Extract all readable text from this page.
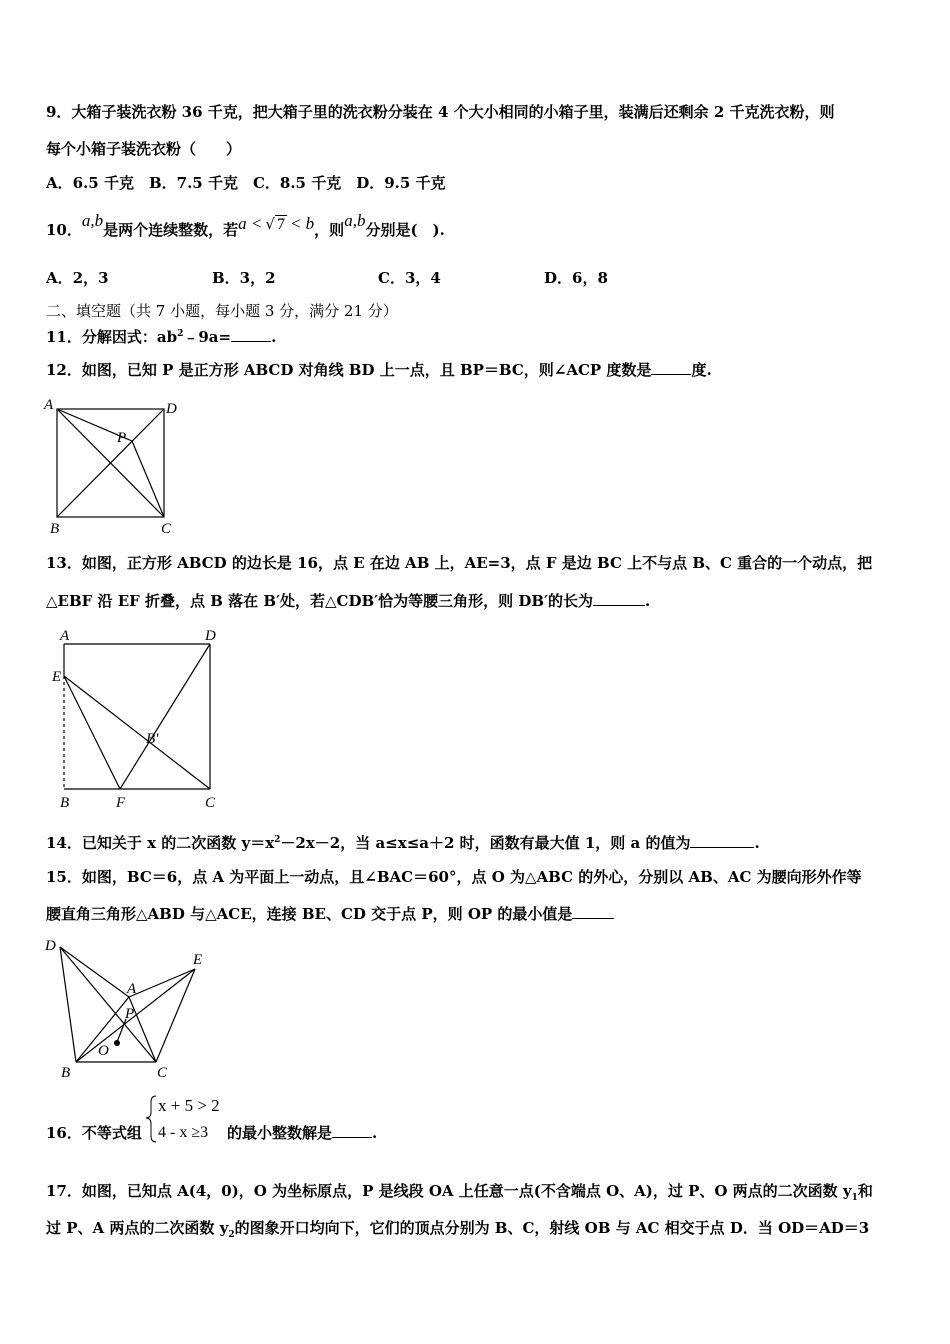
9．大箱子装洗衣粉 36 千克，把大箱子里的洗衣粉分装在 4 个大小相同的小箱子里，装满后还剩余 2 千克洗衣粉，则
每个小箱子装洗衣粉（　　）
A．6.5 千克　B．7.5 千克　C．8.5 千克　D．9.5 千克
10．a,b是两个连续整数，若a < √ 7 < b，则a,b分别是(　).
A．2，3	B．3，2	C．3，4	D．6，8
二、填空题（共 7 小题，每小题 3 分，满分 21 分）
11．分解因式：$ab^2﹣9a=$	.
12．如图，已知 P 是正方形 ABCD 对角线 BD 上一点，且 BP＝BC，则∠ACP 度数是	度.
A	D
P
B	C
13．如图，正方形 ABCD 的边长是 16，点 E 在边 AB 上，AE=3，点 F 是边 BC 上不与点 B、C 重合的一个动点，把
△EBF 沿 EF 折叠，点 B 落在 B′处，若△CDB′恰为等腰三角形，则 DB′的长为	.
A	D
E
B'
B	F	C
14．已知关于 x 的二次函数 $y=x^2-2x-2$，当 a≤x≤a＋2 时，函数有最大值 1，则 a 的值为	.
15．如图，BC＝6，点 A 为平面上一动点，且∠BAC＝60°，点 O 为△ABC 的外心，分别以 AB、AC 为腰向形外作等
腰直角三角形△ABD 与△ACE，连接 BE、CD 交于点 P，则 OP 的最小值是
D
E
A
P
O
B	C
16．不等式组
x + 5 > 2
4 - x ≥3 的最小整数解是	.
17．如图，已知点 A(4，0)，O 为坐标原点，P 是线段 OA 上任意一点(不含端点 O、A)，过 P、O 两点的二次函数 $y_1$和
过 P、A 两点的二次函数 $y_2$的图象开口均向下，它们的顶点分别为 B、C，射线 OB 与 AC 相交于点 D．当 OD＝AD＝3
